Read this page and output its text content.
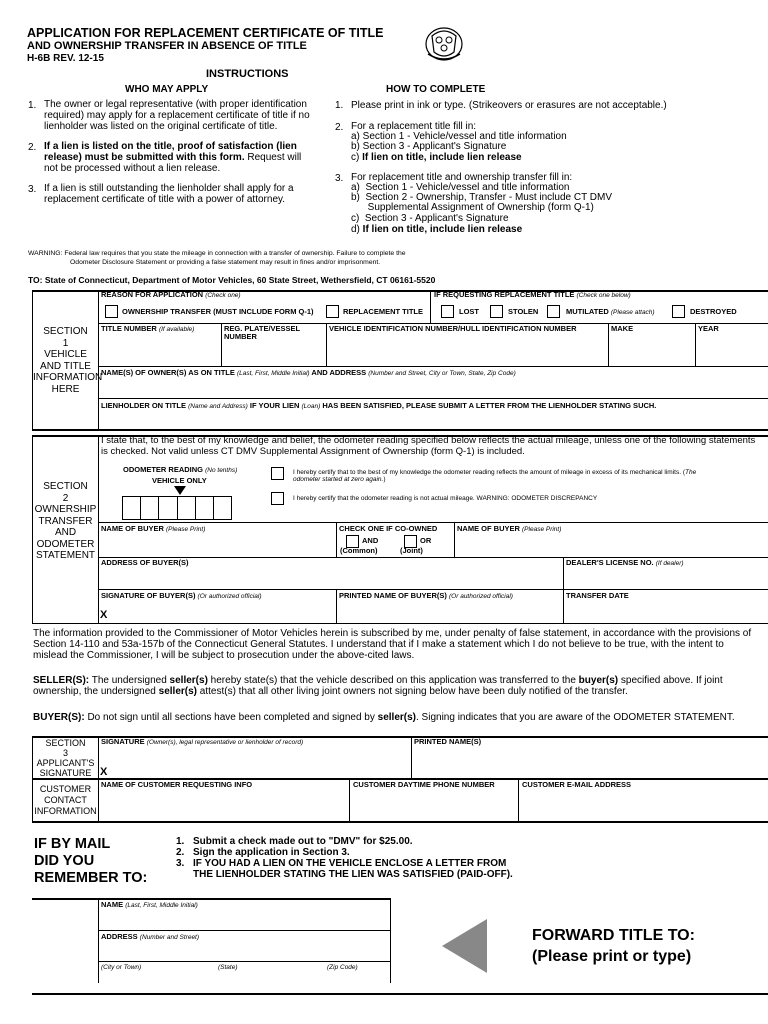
APPLICATION FOR REPLACEMENT CERTIFICATE OF TITLE
AND OWNERSHIP TRANSFER IN ABSENCE OF TITLE
H-6B REV. 12-15
INSTRUCTIONS
WHO MAY APPLY
1. The owner or legal representative (with proper identification required) may apply for a replacement certificate of title if no lienholder was listed on the original certificate of title.
2. If a lien is listed on the title, proof of satisfaction (lien release) must be submitted with this form. Request will not be processed without a lien release.
3. If a lien is still outstanding the lienholder shall apply for a replacement certificate of title with a power of attorney.
HOW TO COMPLETE
1. Please print in ink or type. (Strikeovers or erasures are not acceptable.)
2. For a replacement title fill in:
a) Section 1 - Vehicle/vessel and title information
b) Section 3 - Applicant's Signature
c) If lien on title, include lien release
3. For replacement title and ownership transfer fill in:
a)  Section 1 - Vehicle/vessel and title information
b)  Section 2 - Ownership, Transfer - Must include CT DMV
Supplemental Assignment of Ownership (form Q-1)
c)  Section 3 - Applicant's Signature
d) If lien on title, include lien release
WARNING: Federal law requires that you state the mileage in connection with a transfer of ownership. Failure to complete the
Odometer Disclosure Statement or providing a false statement may result in fines and/or imprisonment.
TO: State of Connecticut, Department of Motor Vehicles, 60 State Street, Wethersfield, CT 06161-5520
SECTION
1
VEHICLE
AND TITLE
INFORMATION
HERE
REASON FOR APPLICATION (Check one)	IF REQUESTING REPLACEMENT TITLE (Check one below)
OWNERSHIP TRANSFER (MUST INCLUDE FORM Q-1)	REPLACEMENT TITLE	LOST	STOLEN	MUTILATED (Please attach)	DESTROYED
TITLE NUMBER (If available)	REG. PLATE/VESSEL NUMBER
VEHICLE IDENTIFICATION NUMBER/HULL IDENTIFICATION NUMBER	MAKE	YEAR
NAME(S) OF OWNER(S) AS ON TITLE (Last, First, Middle Initial) AND ADDRESS (Number and Street, City or Town, State, Zip Code)
LIENHOLDER ON TITLE (Name and Address) IF YOUR LIEN (Loan) HAS BEEN SATISFIED, PLEASE SUBMIT A LETTER FROM THE LIENHOLDER STATING SUCH.
SECTION
2
OWNERSHIP
TRANSFER
AND
ODOMETER
STATEMENT
I state that, to the best of my knowledge and belief, the odometer reading specified below reflects the actual mileage, unless one of the following statements is checked. Not valid unless CT DMV Supplemental Assignment of Ownership (form Q-1) is included.
ODOMETER READING (No tenths)
VEHICLE ONLY
I hereby certify that to the best of my knowledge the odometer reading reflects the amount of mileage in excess of its mechanical limits. (The odometer started at zero again.)
I hereby certify that the odometer reading is not actual mileage. WARNING: ODOMETER DISCREPANCY
NAME OF BUYER (Please Print)	CHECK ONE IF CO-OWNED
AND	OR
(Common)	(Joint)
NAME OF BUYER (Please Print)
ADDRESS OF BUYER(S)	DEALER'S LICENSE NO. (If dealer)
SIGNATURE OF BUYER(S) (Or authorized official)
X
PRINTED NAME OF BUYER(S) (Or authorized official)	TRANSFER DATE
The information provided to the Commissioner of Motor Vehicles herein is subscribed by me, under penalty of false statement, in accordance with the provisions of Section 14-110 and 53a-157b of the Connecticut General Statutes. I understand that if I make a statement which I do not believe to be true, with the intent to mislead the Commissioner, I will be subject to prosecution under the above-cited laws.
SELLER(S): The undersigned seller(s) hereby state(s) that the vehicle described on this application was transferred to the buyer(s) specified above. If joint ownership, the undersigned seller(s) attest(s) that all other living joint owners not signing below have been duly notified of the transfer.
BUYER(S): Do not sign until all sections have been completed and signed by seller(s). Signing indicates that you are aware of the ODOMETER STATEMENT.
SECTION
3
APPLICANT'S
SIGNATURE
SIGNATURE (Owner(s), legal representative or lienholder of record)
X
PRINTED NAME(S)
CUSTOMER
CONTACT
INFORMATION
NAME OF CUSTOMER REQUESTING INFO	CUSTOMER DAYTIME PHONE NUMBER	CUSTOMER E-MAIL ADDRESS
IF BY MAIL
DID YOU
REMEMBER TO:
1. Submit a check made out to "DMV" for $25.00.
2. Sign the application in Section 3.
3. IF YOU HAD A LIEN ON THE VEHICLE ENCLOSE A LETTER FROM
THE LIENHOLDER STATING THE LIEN WAS SATISFIED (PAID-OFF).
NAME (Last, First, Middle Initial)
ADDRESS (Number and Street)
(City or Town)	(State)	(Zip Code)
FORWARD TITLE TO:
(Please print or type)
